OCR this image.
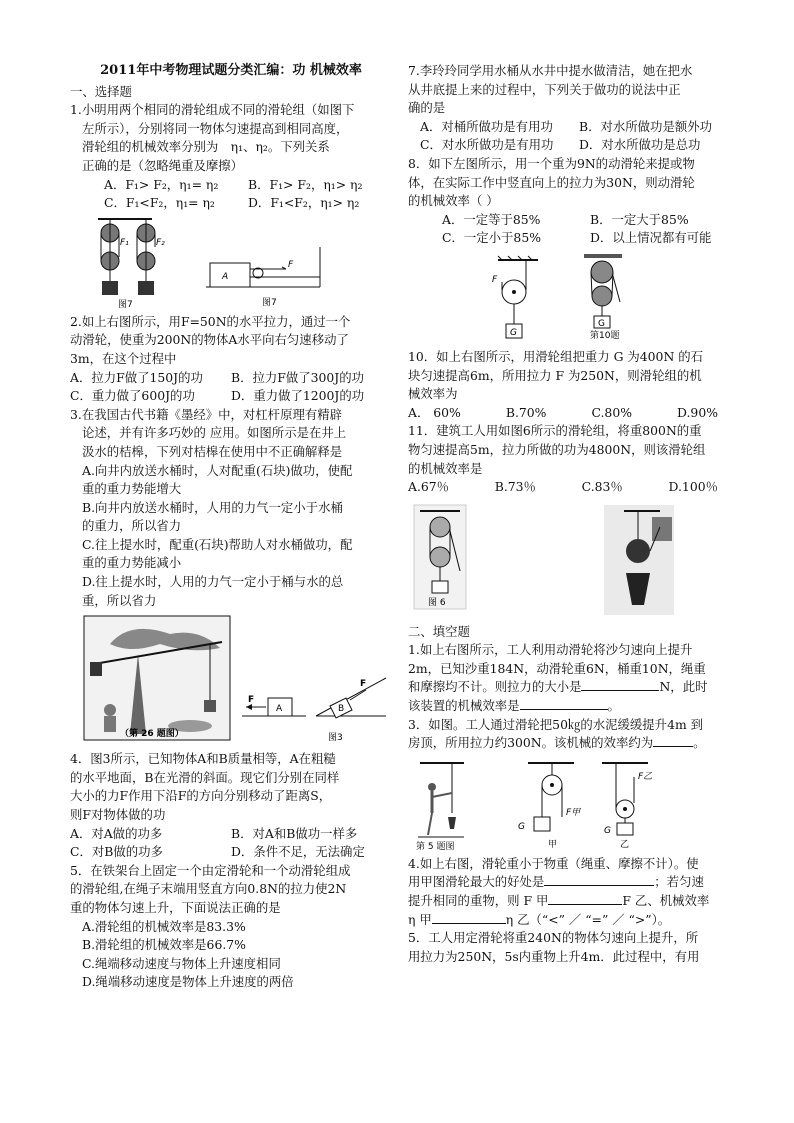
2011年中考物理试题分类汇编：功 机械效率

一、选择题

1.小明用两个相同的滑轮组成不同的滑轮组（如图下

左所示），分别将同一物体匀速提高到相同高度，

滑轮组的机械效率分别为　η₁、η₂。下列关系

正确的是（忽略绳重及摩擦）

A．F₁> F₂，η₁= η₂	B．F₁> F₂，η₁> η₂
C．F₁<F₂，η₁= η₂	D．F₁<F₂，η₁> η₂
F₁	F₂
图7
A
F
图7

2.如上右图所示，用F=50N的水平拉力，通过一个

动滑轮，使重为200N的物体A水平向右匀速移动了

3m，在这个过程中

A．拉力F做了150J的功	B．拉力F做了300J的功
C．重力做了600J的功	D．重力做了1200J的功

3.在我国古代书籍《墨经》中，对杠杆原理有精辟

论述，并有许多巧妙的 应用。如图所示是在井上

汲水的桔槔，下列对桔槔在使用中不正确解释是

A.向井内放送水桶时，人对配重(石块)做功，使配

重的重力势能增大

B.向井内放送水桶时，人用的力气一定小于水桶

的重力，所以省力

C.往上提水时，配重(石块)帮助人对水桶做功，配

重的重力势能减小

D.往上提水时，人用的力气一定小于桶与水的总

重，所以省力

（第 26 题图）
A
F
B
F
图3

4．图3所示，已知物体A和B质量相等，A在粗糙

的水平地面，B在光滑的斜面。现它们分别在同样

大小的力F作用下沿F的方向分别移动了距离S，

则F对物体做的功

A．对A做的功多	B．对A和B做功一样多
C．对B做的功多	D．条件不足，无法确定

5．在铁架台上固定一个由定滑轮和一个动滑轮组成

的滑轮组,在绳子末端用竖直方向0.8N的拉力使2N

重的物体匀速上升，下面说法正确的是

A.滑轮组的机械效率是83.3%

B.滑轮组的机械效率是66.7%

C.绳端移动速度与物体上升速度相同

D.绳端移动速度是物体上升速度的两倍

7.李玲玲同学用水桶从水井中提水做清洁，她在把水

从井底提上来的过程中，下列关于做功的说法中正

确的是

A．对桶所做功是有用功	B．对水所做功是额外功
C．对水所做功是有用功	D．对水所做功是总功

8．如下左图所示，用一个重为9N的动滑轮来提或物

体，在实际工作中竖直向上的拉力为30N，则动滑轮

的机械效率（ ）

A．一定等于85%	B．一定大于85%
C．一定小于85%	D．以上情况都有可能
G
F
G
第10题

10．如上右图所示，用滑轮组把重力 G 为400N 的石

块匀速提高6m，所用拉力 F 为250N，则滑轮组的机

械效率为

A． 60%	B.70%	C.80%	D.90%

11．建筑工人用如图6所示的滑轮组，将重800N的重

物匀速提高5m，拉力所做的功为4800N，则该滑轮组

的机械效率是

A.67％	B.73％	C.83％	D.100％
图 6

二、填空题

1.如上右图所示，工人利用动滑轮将沙匀速向上提升

2m，已知沙重184N，动滑轮重6N，桶重10N，绳重

和摩擦均不计。则拉力的大小是	N，此时

该装置的机械效率是	。

3．如图。工人通过滑轮把50㎏的水泥缓缓提升4m 到

房顶，所用拉力约300N。该机械的效率约为	。

第 5 题图
G
F甲
甲
G
F乙
乙

4.如上右图，滑轮重小于物重（绳重、摩擦不计）。使

用甲图滑轮最大的好处是	；若匀速

提升相同的重物，则 F 甲	F 乙、机械效率

η 甲	η 乙（“<” ／ “=” ／ “>”）。

5．工人用定滑轮将重240N的物体匀速向上提升，所

用拉力为250N，5s内重物上升4m．此过程中，有用
